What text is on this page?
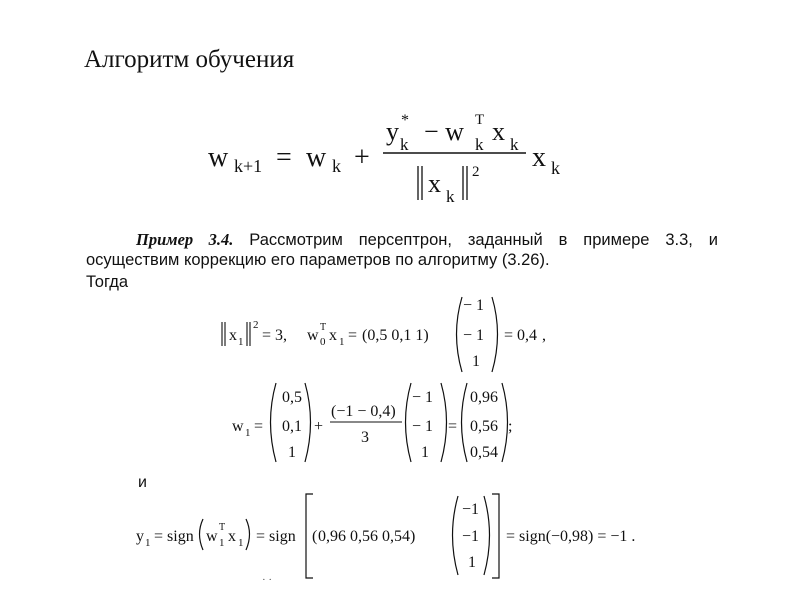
Алгоритм обучения
w k+1 = w k +
y *
k − w T
k x k
x k
2 x k
Пример 3.4. Рассмотрим персептрон, заданный в примере 3.3, и осуществим коррекцию его параметров по алгоритму (3.26).
Тогда
x 1
2
= 3, w T
0 x 1 = (0,5 0,1 1)
− 1
− 1
1
= 0,4 ,
w 1 =
0,5
0,1
1
+
(−1 − 0,4)
3
− 1
− 1
1
=
0,96
0,56
0,54
;
и
y 1 = sign w
T
1 x 1 = sign ( 0,96 0,56 0,54)
−1
−1
1
= sign(−0,98) = −1 .
· ·
